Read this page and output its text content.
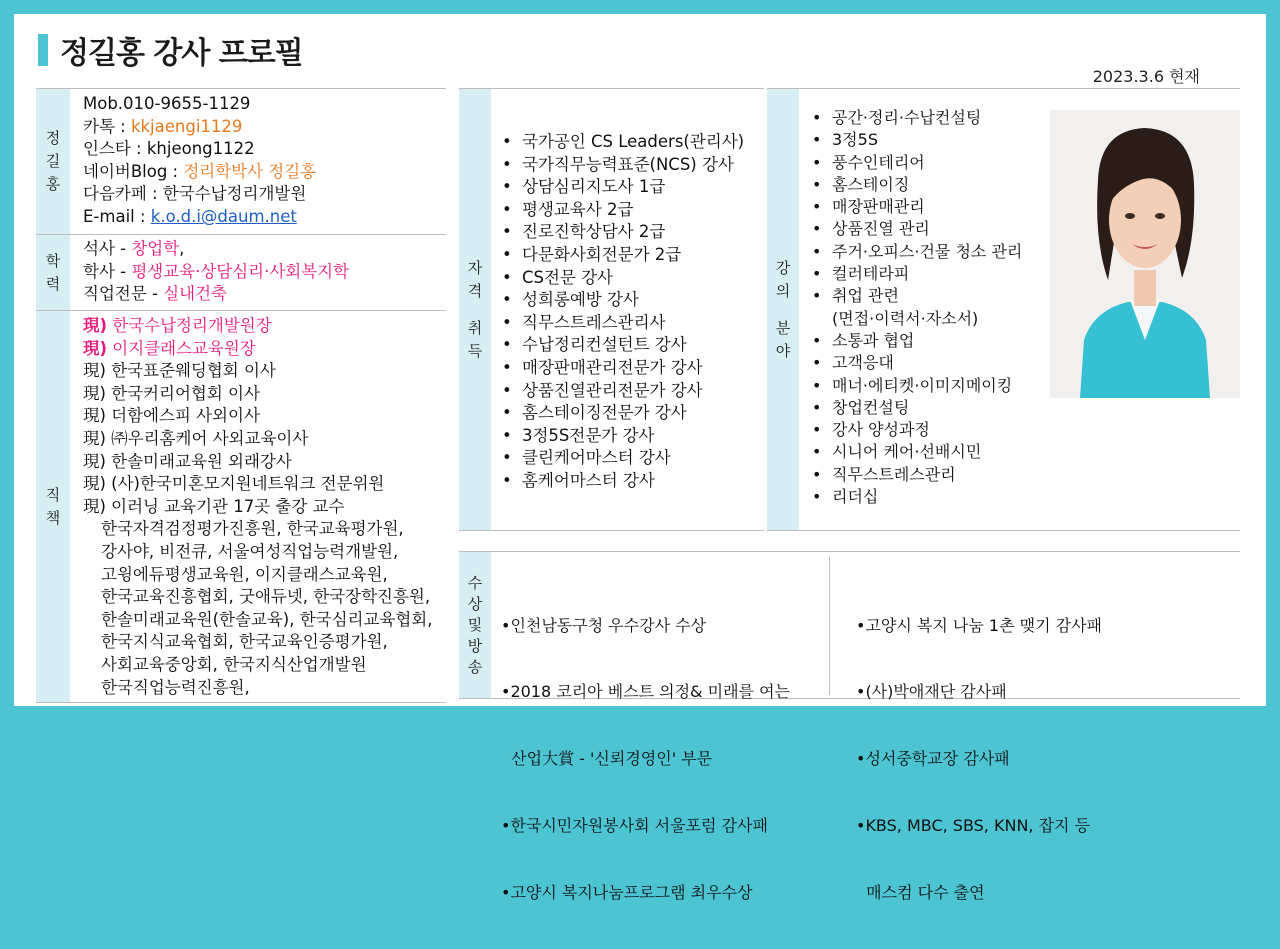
정길홍 강사 프로필
2023.3.6 현재
정
길
홍
Mob.010-9655-1129
카톡 : kkjaengi1129
인스타 : khjeong1122
네이버Blog : 정리학박사 정길홍
다음카페 : 한국수납정리개발원
E-mail : k.o.d.i@daum.net
학
력
석사 - 창업학,
학사 - 평생교육·상담심리·사회복지학
직업전문 - 실내건축
직
책
現) 한국수납정리개발원장
現) 이지클래스교육원장
現) 한국표준웨딩협회 이사
現) 한국커리어협회 이사
現) 더함에스피 사외이사
現) ㈜우리홈케어 사외교육이사
現) 한솔미래교육원 외래강사
現) (사)한국미혼모지원네트워크 전문위원
現) 이러닝 교육기관 17곳 출강 교수
한국자격검정평가진흥원, 한국교육평가원,
강사야, 비전큐, 서울여성직업능력개발원,
고윙에듀평생교육원, 이지클래스교육원,
한국교육진흥협회, 굿애듀넷, 한국장학진흥원,
한솔미래교육원(한솔교육), 한국심리교육협회,
한국지식교육협회, 한국교육인증평가원,
사회교육중앙회, 한국지식산업개발원
한국직업능력진흥원,
자
격
취
득
• 국가공인 CS Leaders(관리사)
• 국가직무능력표준(NCS) 강사
• 상담심리지도사 1급
• 평생교육사 2급
• 진로진학상담사 2급
• 다문화사회전문가 2급
• CS전문 강사
• 성희롱예방 강사
• 직무스트레스관리사
• 수납정리컨설턴트 강사
• 매장판매관리전문가 강사
• 상품진열관리전문가 강사
• 홈스테이징전문가 강사
• 3정5S전문가 강사
• 클린케어마스터 강사
• 홈케어마스터 강사
강
의
분
야
• 공간·정리·수납컨설팅
• 3정5S
• 풍수인테리어
• 홈스테이징
• 매장판매관리
• 상품진열 관리
• 주거·오피스·건물 청소 관리
• 컬러테라피
• 취업 관련
(면접·이력서·자소서)
• 소통과 협업
• 고객응대
• 매너·에티켓·이미지메이킹
• 창업컨설팅
• 강사 양성과정
• 시니어 케어·선배시민
• 직무스트레스관리
• 리더십
수
상
및
방
송

•인천남동구청 우수강사 수상

•2018 코리아 베스트 의정& 미래를 여는

산업大賞 - '신뢰경영인' 부문

•한국시민자원봉사회 서울포럼 감사패

•고양시 복지나눔프로그램 최우수상

•고양시 복지 나눔 1촌 맺기 감사패

•(사)박애재단 감사패

•성서중학교장 감사패

•KBS, MBC, SBS, KNN, 잡지 등

매스컴 다수 출연
